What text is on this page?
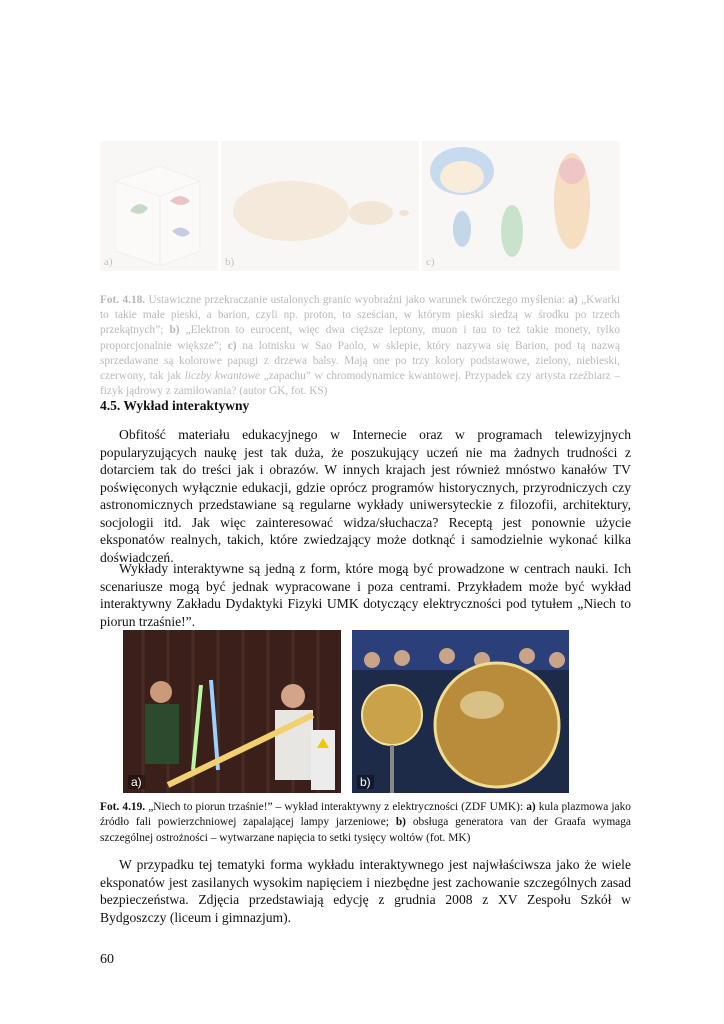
a)	b)	c)

Fot. 4.18. Ustawiczne przekraczanie ustalonych granic wyobraźni jako warunek twórczego myślenia: a) „Kwarki to takie małe pieski, a barion, czyli np. proton, to sześcian, w którym pieski siedzą w środku po trzech przekątnych”; b) „Elektron to eurocent, więc dwa cięższe leptony, muon i tau to też takie monety, tylko proporcjonalnie większe”; c) na lotnisku w Sao Paolo, w sklepie, który nazywa się Barion, pod tą nazwą sprzedawane są kolorowe papugi z drzewa balsy. Mają one po trzy kolory podstawowe, zielony, niebieski, czerwony, tak jak liczby kwantowe „zapachu” w chromodynamice kwantowej. Przypadek czy artysta rzeźbiarz – fizyk jądrowy z zamiłowania? (autor GK, fot. KS)

4.5. Wykład interaktywny

Obfitość materiału edukacyjnego w Internecie oraz w programach telewizyjnych popularyzujących naukę jest tak duża, że poszukujący uczeń nie ma żadnych trudności z dotarciem tak do treści jak i obrazów. W innych krajach jest również mnóstwo kanałów TV poświęconych wyłącznie edukacji, gdzie oprócz programów historycznych, przyrodniczych czy astronomicznych przedstawiane są regularne wykłady uniwersyteckie z filozofii, architektury, socjologii itd. Jak więc zainteresować widza/słuchacza? Receptą jest ponownie użycie eksponatów realnych, takich, które zwiedzający może dotknąć i samodzielnie wykonać kilka doświadczeń.

Wykłady interaktywne są jedną z form, które mogą być prowadzone w centrach nauki. Ich scenariusze mogą być jednak wypracowane i poza centrami. Przykładem może być wykład interaktywny Zakładu Dydaktyki Fizyki UMK dotyczący elektryczności pod tytułem „Niech to piorun trzaśnie!”.

a)	b)

Fot. 4.19. „Niech to piorun trzaśnie!” – wykład interaktywny z elektryczności (ZDF UMK): a) kula plazmowa jako źródło fali powierzchniowej zapalającej lampy jarzeniowe; b) obsługa generatora van der Graafa wymaga szczególnej ostrożności – wytwarzane napięcia to setki tysięcy woltów (fot. MK)

W przypadku tej tematyki forma wykładu interaktywnego jest najwłaściwsza jako że wiele eksponatów jest zasilanych wysokim napięciem i niezbędne jest zachowanie szczególnych zasad bezpieczeństwa. Zdjęcia przedstawiają edycję z grudnia 2008 z XV Zespołu Szkół w Bydgoszczy (liceum i gimnazjum).

60
